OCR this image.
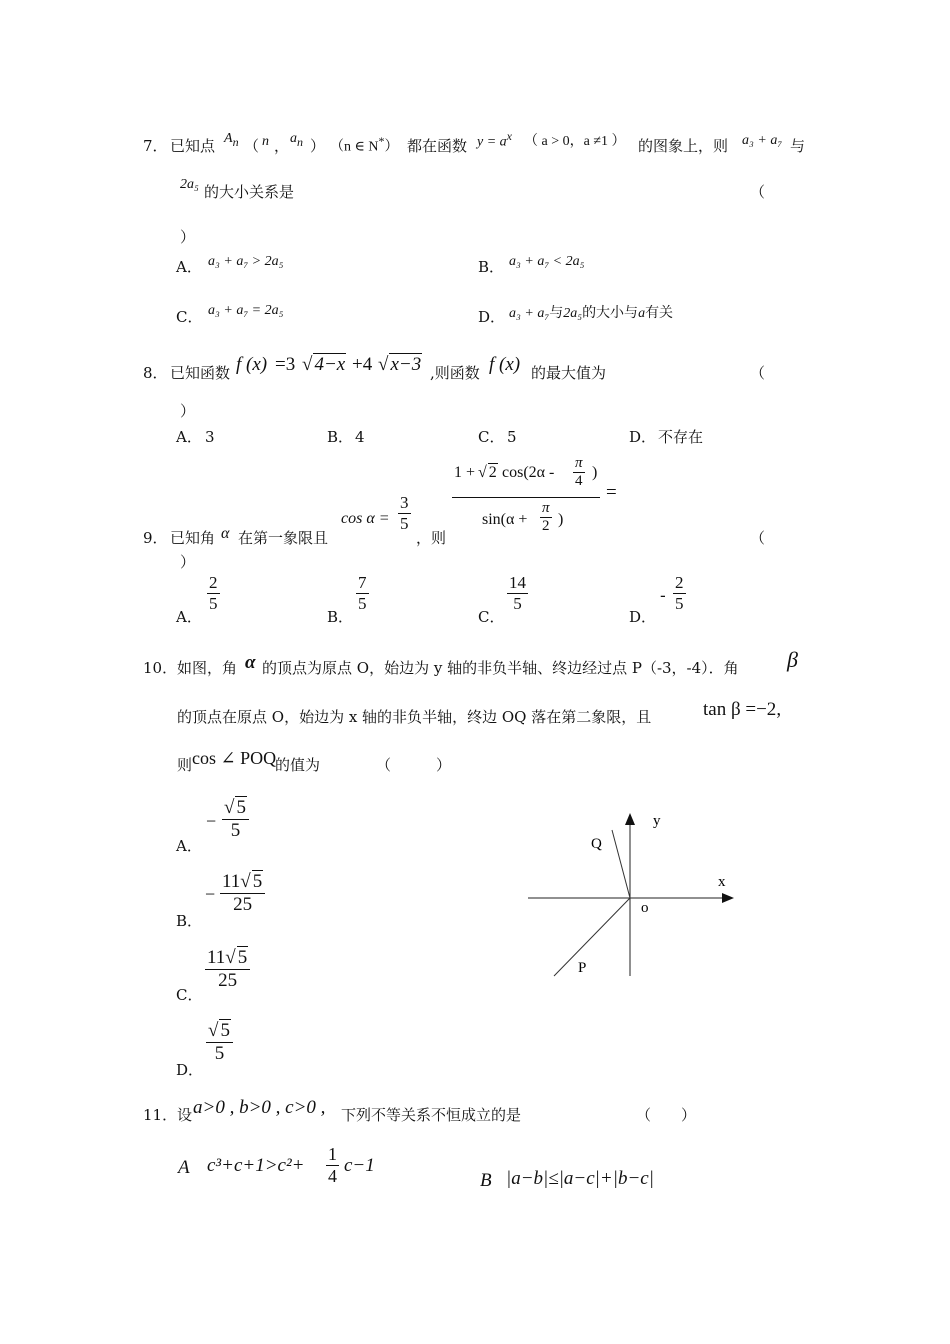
7． 已知点 $A_n$ （ n ， $a_n$ ） （n ∈ N*） 都在函数 $y = a^x$ （ a > 0，a ≠1 ） 的图象上，则 a₃ + a₇ 与
2a₅ 的大小关系是	（
）
A． a₃ + a₇ > 2a₅	B． a₃ + a₇ < 2a₅
C． a₃ + a₇ = 2a₅	D． a₃ + a₇与2a₅的大小与a有关
8． 已知函数 f (x) =3 √ 4−x +4 √ x−3 ,则函数 f (x) 的最大值为	（
）
A． 3	B． 4	C． 5	D． 不存在
1 + √ 2 cos(2α -
π
4 )
sin(α +
π
2 )
=
$\cos \alpha = \frac{3}{5}$
，则
9． 已知角 α 在第一象限且	（
）
A．
$\frac{2}{5}$
B．
$\frac{7}{5}$
C．
$\frac{14}{5}$
D．
- $\frac{2}{5}$
10． 如图，角 α 的顶点为原点 O，始边为 y 轴的非负半轴、终边经过点 P（-3，-4）．角 β
的顶点在原点 O，始边为 x 轴的非负半轴，终边 OQ 落在第二象限，且	tan β =−2,
则 cos ∠ POQ
的值为	（　　　）
A．
− $\frac{√ 5}{5}$
B．
− $\frac{11√ 5}{25}$
C．
$\frac{11√ 5}{25}$
D．
$\frac{√ 5}{5}$
y
x
Q
o
P
11． 设 a>0 , b>0 , c>0 , 下列不等关系不恒成立的是	（　　）
A $c^3+c+1>c^2+ \frac{1}{4} c-1$
B |a−b|≤|a−c|+|b−c|
